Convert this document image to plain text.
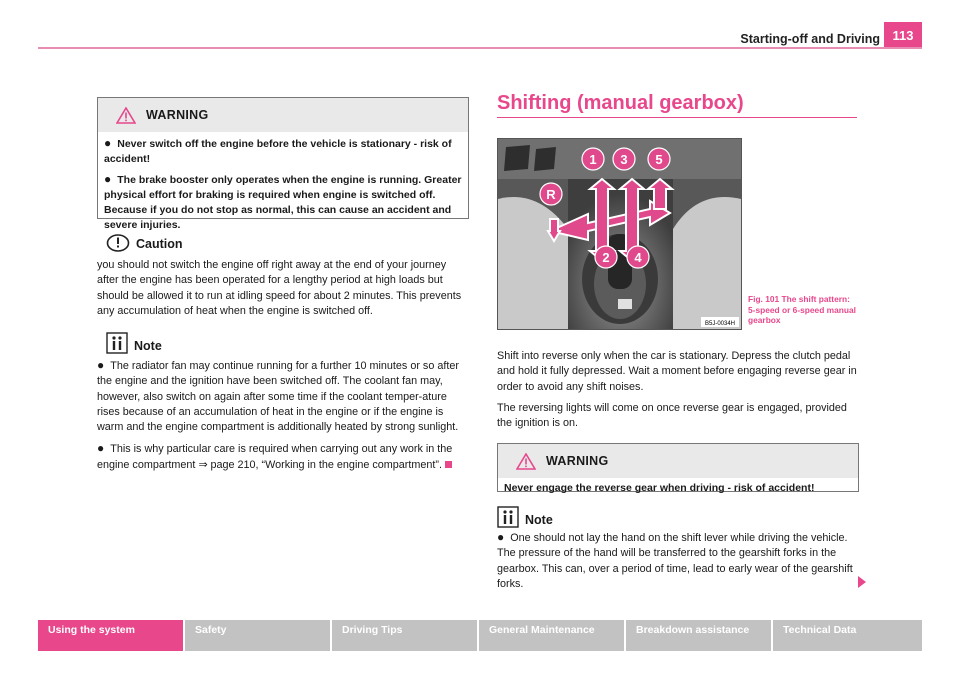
Starting-off and Driving 113
WARNING

● Never switch off the engine before the vehicle is stationary - risk of accident!

● The brake booster only operates when the engine is running. Greater physical effort for braking is required when engine is switched off. Because if you do not stop as normal, this can cause an accident and severe injuries.

Caution

you should not switch the engine off right away at the end of your journey after the engine has been operated for a lengthy period at high loads but should be allowed it to run at idling speed for about 2 minutes. This prevents any accumulation of heat when the engine is switched off.

Note

● The radiator fan may continue running for a further 10 minutes or so after the engine and the ignition have been switched off. The coolant fan may, however, also switch on again after some time if the coolant temper-ature rises because of an accumulation of heat in the engine or if the engine is warm and the engine compartment is additionally heated by strong sunlight.

● This is why particular care is required when carrying out any work in the engine compartment ⇒ page 210, “Working in the engine compartment”.

Shifting (manual gearbox)
1 3 5
R
2 4
B5J-0034H
Fig. 101 The shift pattern: 5-speed or 6-speed manual gearbox

Shift into reverse only when the car is stationary. Depress the clutch pedal and hold it fully depressed. Wait a moment before engaging reverse gear in order to avoid any shift noises.

The reversing lights will come on once reverse gear is engaged, provided the ignition is on.

WARNING

Never engage the reverse gear when driving - risk of accident!

Note

● One should not lay the hand on the shift lever while driving the vehicle. The pressure of the hand will be transferred to the gearshift forks in the gearbox. This can, over a period of time, lead to early wear of the gearshift forks.

Using the system	Safety	Driving Tips	General Maintenance	Breakdown assistance	Technical Data
